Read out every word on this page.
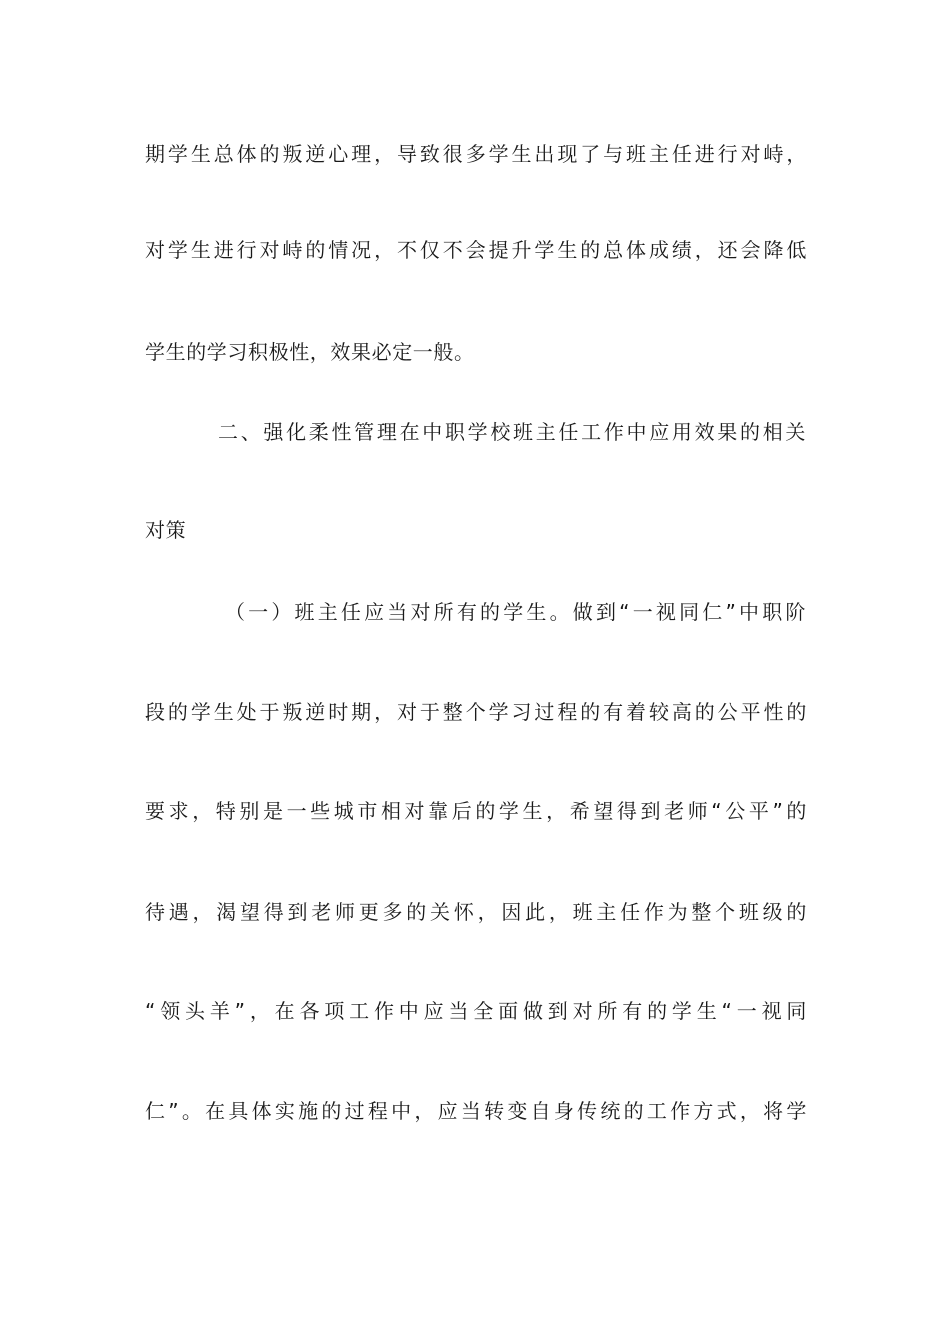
期学生总体的叛逆心理，导致很多学生出现了与班主任进行对峙，
对学生进行对峙的情况，不仅不会提升学生的总体成绩，还会降低
学生的学习积极性，效果必定一般。
二、强化柔性管理在中职学校班主任工作中应用效果的相关
对策
（一）班主任应当对所有的学生。做到“一视同仁”中职阶
段的学生处于叛逆时期，对于整个学习过程的有着较高的公平性的
要求，特别是一些城市相对靠后的学生，希望得到老师“公平”的
待遇，渴望得到老师更多的关怀，因此，班主任作为整个班级的
“领头羊”，在各项工作中应当全面做到对所有的学生“一视同
仁”。在具体实施的过程中，应当转变自身传统的工作方式，将学
